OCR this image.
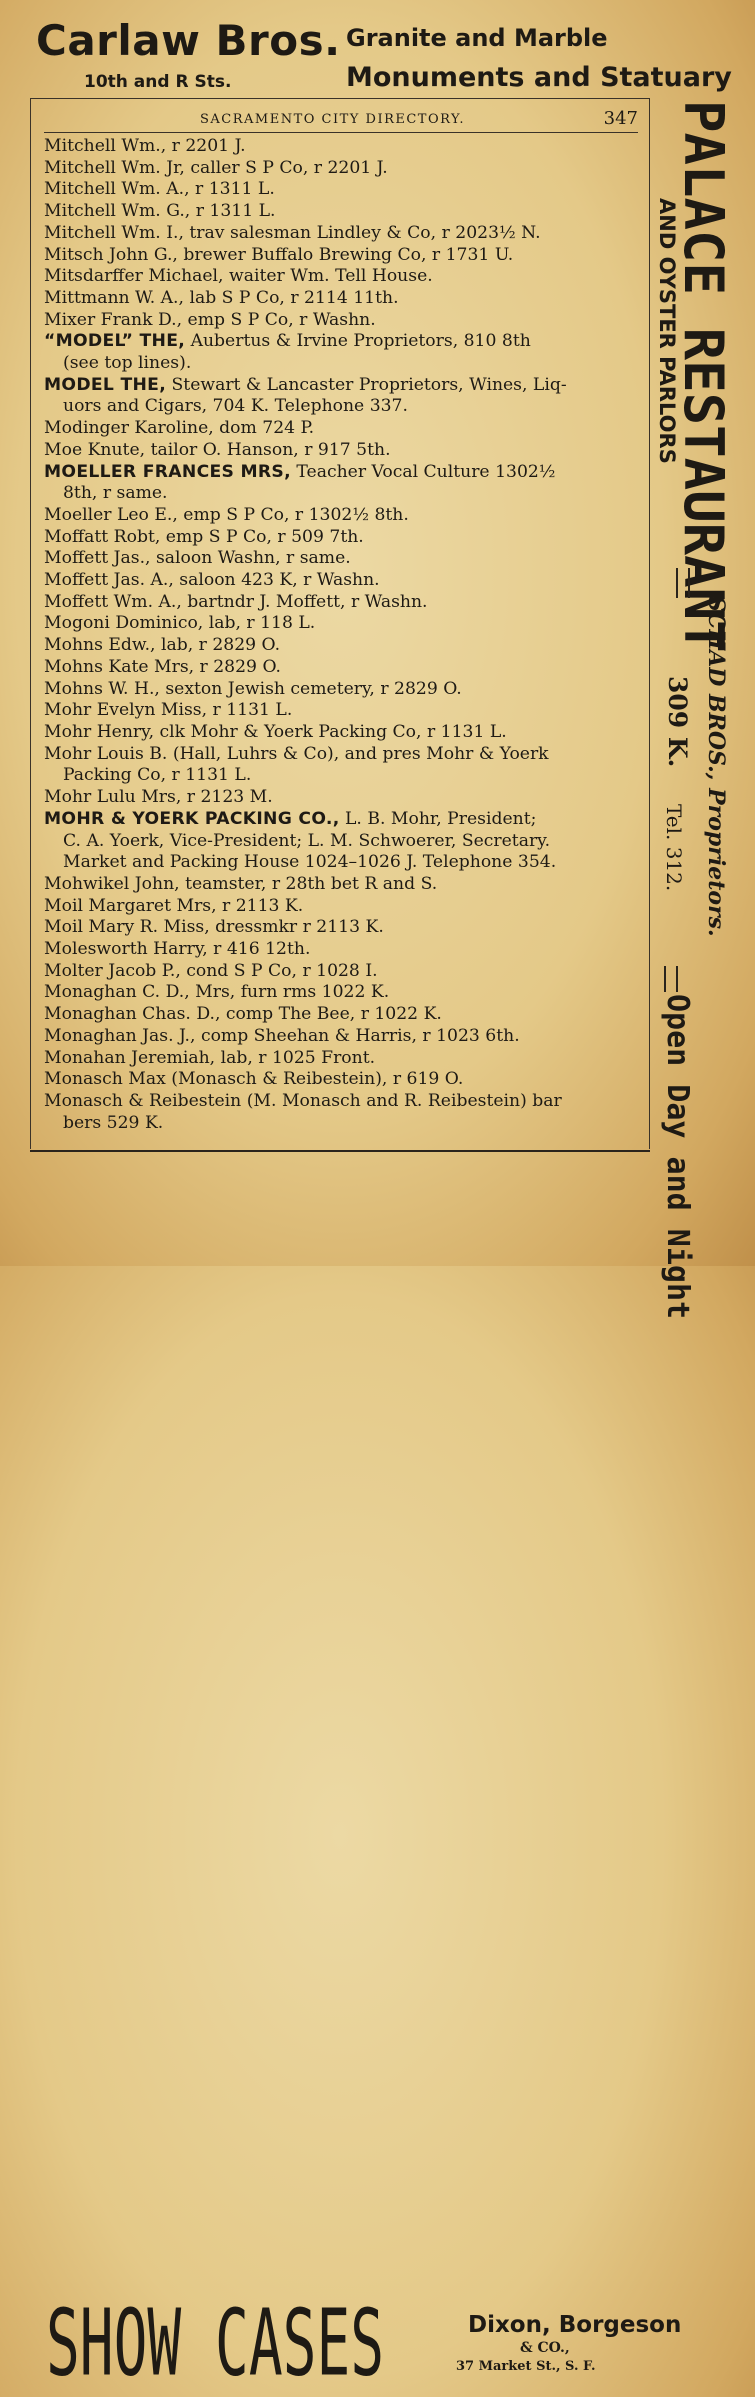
Carlaw Bros.

10th and R Sts.

Granite and Marble

Monuments and Statuary

SACRAMENTO CITY DIRECTORY.	347
Mitchell Wm., r 2201 J.
Mitchell Wm. Jr, caller S P Co, r 2201 J.
Mitchell Wm. A., r 1311 L.
Mitchell Wm. G., r 1311 L.
Mitchell Wm. I., trav salesman Lindley & Co, r 2023½ N.
Mitsch John G., brewer Buffalo Brewing Co, r 1731 U.
Mitsdarffer Michael, waiter Wm. Tell House.
Mittmann W. A., lab S P Co, r 2114 11th.
Mixer Frank D., emp S P Co, r Washn.
“MODEL” THE, Aubertus & Irvine Proprietors, 810 8th
(see top lines).
MODEL THE, Stewart & Lancaster Proprietors, Wines, Liq-
uors and Cigars, 704 K. Telephone 337.
Modinger Karoline, dom 724 P.
Moe Knute, tailor O. Hanson, r 917 5th.
MOELLER FRANCES MRS, Teacher Vocal Culture 1302½
8th, r same.
Moeller Leo E., emp S P Co, r 1302½ 8th.
Moffatt Robt, emp S P Co, r 509 7th.
Moffett Jas., saloon Washn, r same.
Moffett Jas. A., saloon 423 K, r Washn.
Moffett Wm. A., bartndr J. Moffett, r Washn.
Mogoni Dominico, lab, r 118 L.
Mohns Edw., lab, r 2829 O.
Mohns Kate Mrs, r 2829 O.
Mohns W. H., sexton Jewish cemetery, r 2829 O.
Mohr Evelyn Miss, r 1131 L.
Mohr Henry, clk Mohr & Yoerk Packing Co, r 1131 L.
Mohr Louis B. (Hall, Luhrs & Co), and pres Mohr & Yoerk
Packing Co, r 1131 L.
Mohr Lulu Mrs, r 2123 M.
MOHR & YOERK PACKING CO., L. B. Mohr, President;
C. A. Yoerk, Vice-President; L. M. Schwoerer, Secretary.
Market and Packing House 1024–1026 J. Telephone 354.
Mohwikel John, teamster, r 28th bet R and S.
Moil Margaret Mrs, r 2113 K.
Moil Mary R. Miss, dressmkr r 2113 K.
Molesworth Harry, r 416 12th.
Molter Jacob P., cond S P Co, r 1028 I.
Monaghan C. D., Mrs, furn rms 1022 K.
Monaghan Chas. D., comp The Bee, r 1022 K.
Monaghan Jas. J., comp Sheehan & Harris, r 1023 6th.
Monahan Jeremiah, lab, r 1025 Front.
Monasch Max (Monasch & Reibestein), r 619 O.
Monasch & Reibestein (M. Monasch and R. Reibestein) bar
bers 529 K.
PALACE RESTAURANT
AND OYSTER PARLORS
SCHAD BROS., Proprietors.
309 K.
Tel. 312.
Open Day and Night

SHOW CASES	Dixon, Borgeson
& CO.,
37 Market St., S. F.
